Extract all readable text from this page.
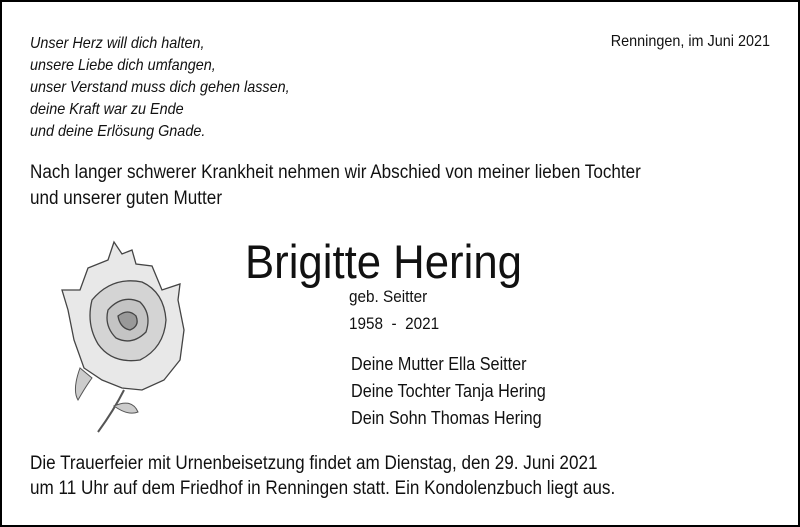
Unser Herz will dich halten,
unsere Liebe dich umfangen,
unser Verstand muss dich gehen lassen,
deine Kraft war zu Ende
und deine Erlösung Gnade.
Renningen, im Juni 2021
Nach langer schwerer Krankheit nehmen wir Abschied von meiner lieben Tochter
und unserer guten Mutter
Brigitte Hering
geb. Seitter
1958  -  2021
Deine Mutter Ella Seitter
Deine Tochter Tanja Hering
Dein Sohn Thomas Hering
Die Trauerfeier mit Urnenbeisetzung findet am Dienstag, den 29. Juni 2021
um 11 Uhr auf dem Friedhof in Renningen statt. Ein Kondolenzbuch liegt aus.
